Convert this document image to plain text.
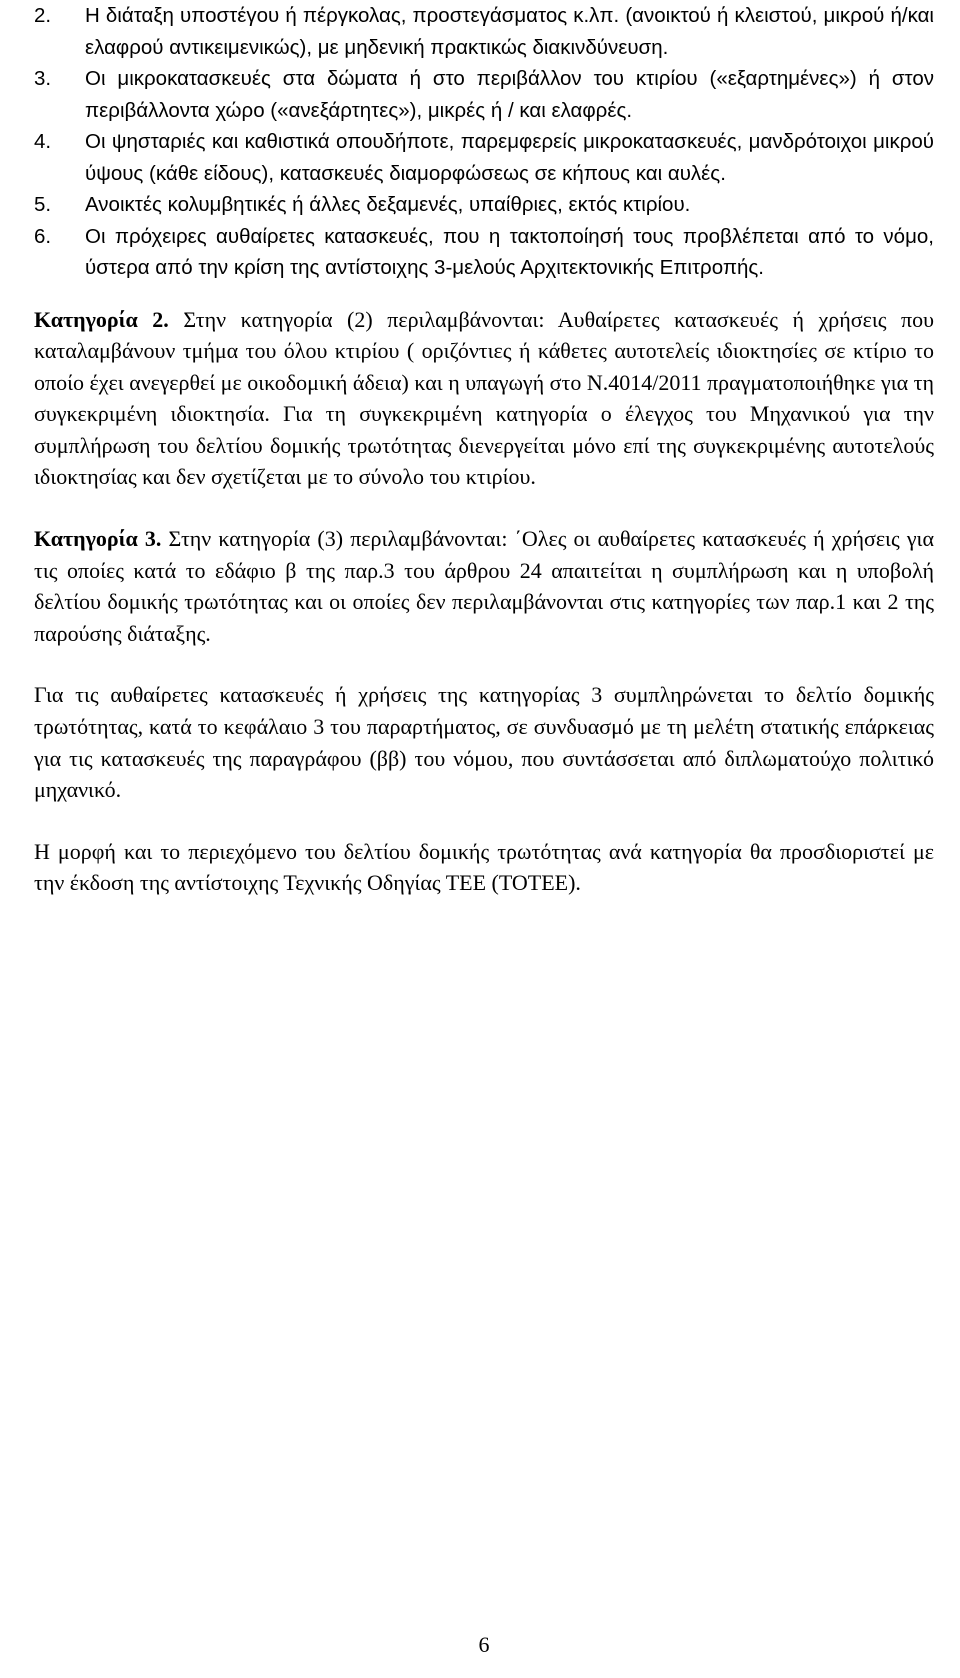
2. Η διάταξη υποστέγου ή πέργκολας, προστεγάσματος κ.λπ. (ανοικτού ή κλειστού, μικρού ή/και ελαφρού αντικειμενικώς), με μηδενική πρακτικώς διακινδύνευση.

3. Οι μικροκατασκευές στα δώματα ή στο περιβάλλον του κτιρίου («εξαρτημένες») ή στον περιβάλλοντα χώρο («ανεξάρτητες»), μικρές ή / και ελαφρές.

4. Οι ψησταριές και καθιστικά οπουδήποτε, παρεμφερείς μικροκατασκευές, μανδρότοιχοι μικρού ύψους (κάθε είδους), κατασκευές διαμορφώσεως σε κήπους και αυλές.

5. Ανοικτές κολυμβητικές ή άλλες δεξαμενές, υπαίθριες, εκτός κτιρίου.

6. Οι πρόχειρες αυθαίρετες κατασκευές, που η τακτοποίησή τους προβλέπεται από το νόμο, ύστερα από την κρίση της αντίστοιχης 3-μελούς Αρχιτεκτονικής Επιτροπής.

Κατηγορία 2. Στην κατηγορία (2) περιλαμβάνονται: Αυθαίρετες κατασκευές ή χρήσεις που καταλαμβάνουν τμήμα του όλου κτιρίου ( οριζόντιες ή κάθετες αυτοτελείς ιδιοκτησίες σε κτίριο το οποίο έχει ανεγερθεί με οικοδομική άδεια) και η υπαγωγή στο Ν.4014/2011 πραγματοποιήθηκε για τη συγκεκριμένη ιδιοκτησία. Για τη συγκεκριμένη κατηγορία ο έλεγχος του Μηχανικού για την συμπλήρωση του δελτίου δομικής τρωτότητας διενεργείται μόνο επί της συγκεκριμένης αυτοτελούς ιδιοκτησίας και δεν σχετίζεται με το σύνολο του κτιρίου.

Κατηγορία 3. Στην κατηγορία (3) περιλαμβάνονται: ΄Ολες οι αυθαίρετες κατασκευές ή χρήσεις για τις οποίες κατά το εδάφιο β της παρ.3 του άρθρου 24 απαιτείται η συμπλήρωση και η υποβολή δελτίου δομικής τρωτότητας και οι οποίες δεν περιλαμβάνονται στις κατηγορίες των παρ.1 και 2 της παρούσης διάταξης.

Για τις αυθαίρετες κατασκευές ή χρήσεις της κατηγορίας 3 συμπληρώνεται το δελτίο δομικής τρωτότητας, κατά το κεφάλαιο 3 του παραρτήματος, σε συνδυασμό με τη μελέτη στατικής επάρκειας για τις κατασκευές της παραγράφου (ββ) του νόμου, που συντάσσεται από διπλωματούχο πολιτικό μηχανικό.

Η μορφή και το περιεχόμενο του δελτίου δομικής τρωτότητας ανά κατηγορία θα προσδιοριστεί με την έκδοση της αντίστοιχης Τεχνικής Οδηγίας ΤΕΕ (ΤΟΤΕΕ).

6
